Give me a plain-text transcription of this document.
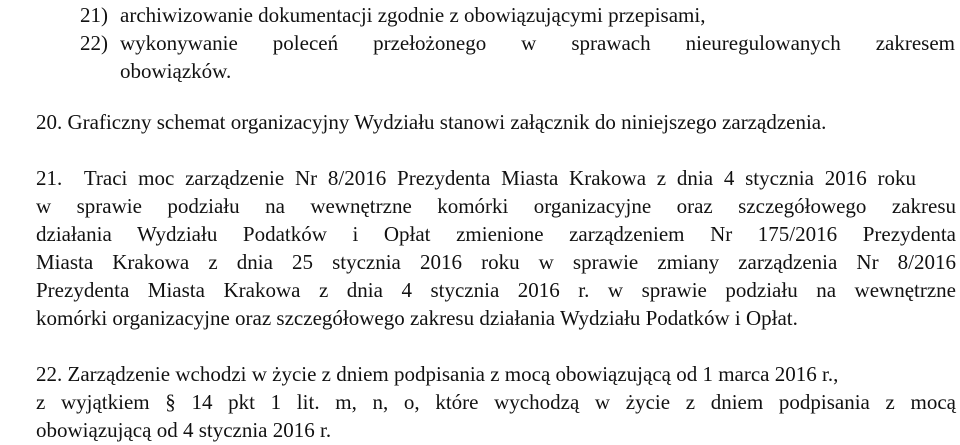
21) archiwizowanie dokumentacji zgodnie z obowiązującymi przepisami,
22) wykonywanie poleceń przełożonego w sprawach nieuregulowanych zakresem
obowiązków.
20. Graficzny schemat organizacyjny Wydziału stanowi załącznik do niniejszego zarządzenia.
21. Traci moc zarządzenie Nr 8/2016 Prezydenta Miasta Krakowa z dnia 4 stycznia 2016 roku
w sprawie podziału na wewnętrzne komórki organizacyjne oraz szczegółowego zakresu
działania Wydziału Podatków i Opłat zmienione zarządzeniem Nr 175/2016 Prezydenta
Miasta Krakowa z dnia 25 stycznia 2016 roku w sprawie zmiany zarządzenia Nr 8/2016
Prezydenta Miasta Krakowa z dnia 4 stycznia 2016 r. w sprawie podziału na wewnętrzne
komórki organizacyjne oraz szczegółowego zakresu działania Wydziału Podatków i Opłat.
22. Zarządzenie wchodzi w życie z dniem podpisania z mocą obowiązującą od 1 marca 2016 r.,
z wyjątkiem § 14 pkt 1 lit. m, n, o, które wychodzą w życie z dniem podpisania z mocą
obowiązującą od 4 stycznia 2016 r.
